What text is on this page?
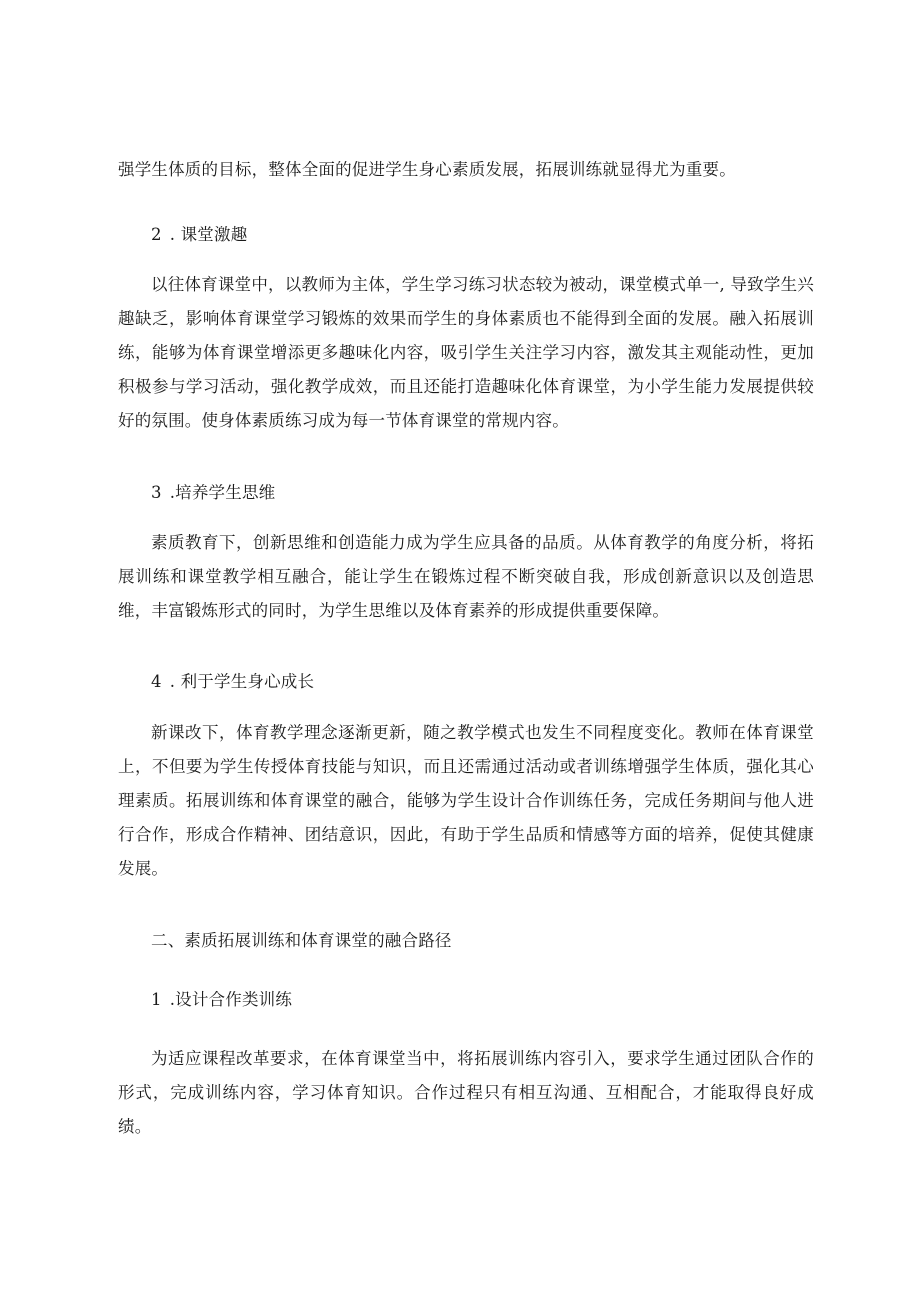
强学生体质的目标，整体全面的促进学生身心素质发展，拓展训练就显得尤为重要。

2 . 课堂激趣

以往体育课堂中，以教师为主体，学生学习练习状态较为被动，课堂模式单一, 导致学生兴趣缺乏，影响体育课堂学习锻炼的效果而学生的身体素质也不能得到全面的发展。融入拓展训练，能够为体育课堂增添更多趣味化内容，吸引学生关注学习内容，激发其主观能动性，更加积极参与学习活动，强化教学成效，而且还能打造趣味化体育课堂，为小学生能力发展提供较好的氛围。使身体素质练习成为每一节体育课堂的常规内容。

3 .培养学生思维

素质教育下，创新思维和创造能力成为学生应具备的品质。从体育教学的角度分析，将拓展训练和课堂教学相互融合，能让学生在锻炼过程不断突破自我，形成创新意识以及创造思维，丰富锻炼形式的同时，为学生思维以及体育素养的形成提供重要保障。

4 . 利于学生身心成长

新课改下，体育教学理念逐渐更新，随之教学模式也发生不同程度变化。教师在体育课堂上，不但要为学生传授体育技能与知识，而且还需通过活动或者训练增强学生体质，强化其心理素质。拓展训练和体育课堂的融合，能够为学生设计合作训练任务，完成任务期间与他人进行合作，形成合作精神、团结意识，因此，有助于学生品质和情感等方面的培养，促使其健康发展。

二、素质拓展训练和体育课堂的融合路径
1 .设计合作类训练

为适应课程改革要求，在体育课堂当中，将拓展训练内容引入，要求学生通过团队合作的形式，完成训练内容，学习体育知识。合作过程只有相互沟通、互相配合，才能取得良好成绩。
